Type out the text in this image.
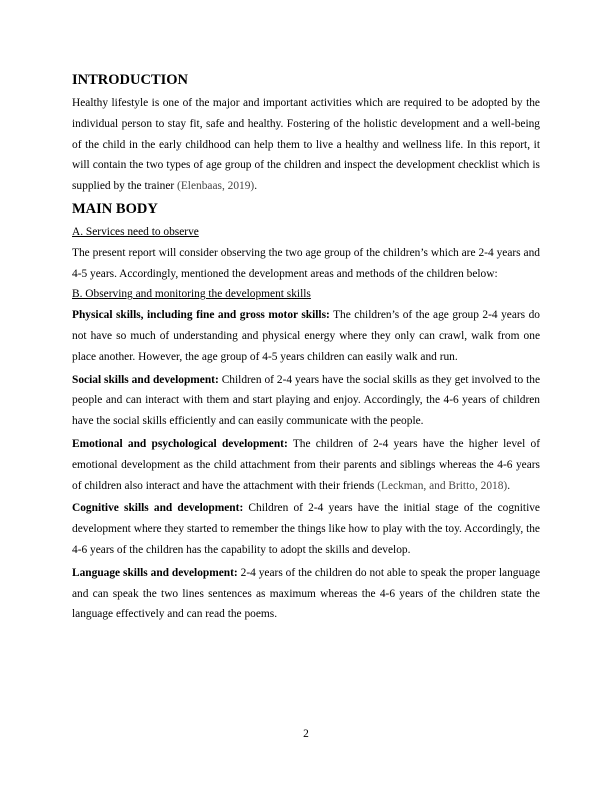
INTRODUCTION

Healthy lifestyle is one of the major and important activities which are required to be adopted by the individual person to stay fit, safe and healthy. Fostering of the holistic development and a well-being of the child in the early childhood can help them to live a healthy and wellness life. In this report, it will contain the two types of age group of the children and inspect the development checklist which is supplied by the trainer (Elenbaas, 2019).

MAIN BODY

A. Services need to observe

The present report will consider observing the two age group of the children’s which are 2-4 years and 4-5 years. Accordingly, mentioned the development areas and methods of the children below:

B. Observing and monitoring the development skills

Physical skills, including fine and gross motor skills: The children’s of the age group 2-4 years do not have so much of understanding and physical energy where they only can crawl, walk from one place another. However, the age group of 4-5 years children can easily walk and run.

Social skills and development: Children of 2-4 years have the social skills as they get involved to the people and can interact with them and start playing and enjoy. Accordingly, the 4-6 years of children have the social skills efficiently and can easily communicate with the people.

Emotional and psychological development: The children of 2-4 years have the higher level of emotional development as the child attachment from their parents and siblings whereas the 4-6 years of children also interact and have the attachment with their friends (Leckman, and Britto, 2018).

Cognitive skills and development: Children of 2-4 years have the initial stage of the cognitive development where they started to remember the things like how to play with the toy. Accordingly, the 4-6 years of the children has the capability to adopt the skills and develop.

Language skills and development: 2-4 years of the children do not able to speak the proper language and can speak the two lines sentences as maximum whereas the 4-6 years of the children state the language effectively and can read the poems.

2
